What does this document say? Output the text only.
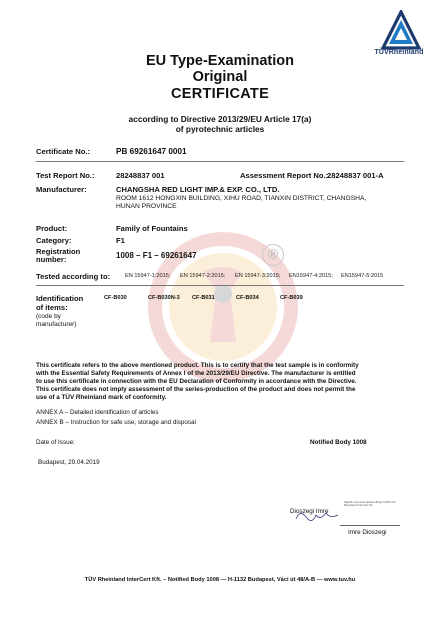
TÜVRheinland
®
EU Type-Examination
Original
CERTIFICATE
according to Directive 2013/29/EU Article 17(a)
of pyrotechnic articles
Certificate No.:	PB 69261647 0001
Test Report No.:	28248837 001	Assessment Report No.:
28248837 001-A
Manufacturer:	CHANGSHA RED LIGHT IMP.& EXP. CO., LTD.
ROOM 1612 HONGXIN BUILDING, XIHU ROAD, TIANXIN DISTRICT, CHANGSHA,
HUNAN PROVINCE
Product:	Family of Fountains
Category:	F1
Registration
number:	1008 – F1 – 69261647
Tested according to:	EN 15947-1:2015; EN 15947-2:2015; EN 15947-3:2015; EN15947-4:2015; EN15947-5:2015
Identification
of items:
(code by
manufacturer)
CF-B030	CF-B030N-3 CF-B031	CF-B034	CF-B039
This certificate refers to the above mentioned product. This is to certify that the test sample is in conformity
with the Essential Safety Requirements of Annex I of the 2013/29/EU Directive. The manufacturer is entitled
to use this certificate in connection with the EU Declaration of Conformity in accordance with the Directive.
This certificate does not imply assessment of the series-production of the product and does not permit the
use of a TÜV Rheinland mark of conformity.
ANNEX A – Detailed identification of articles
ANNEX B – Instruction for safe use, storage and disposal
Date of Issue:	Notified Body 1008
Budapest, 29.04.2019
Dioszegi Imre
Kijelölt szervezet Notified Body 1008 TÜV Rheinland InterCert Kft.
Imre Dioszegi
TÜV Rheinland InterCert Kft. – Notified Body 1008 — H-1132 Budapest, Váci út 48/A-B — www.tuv.hu
